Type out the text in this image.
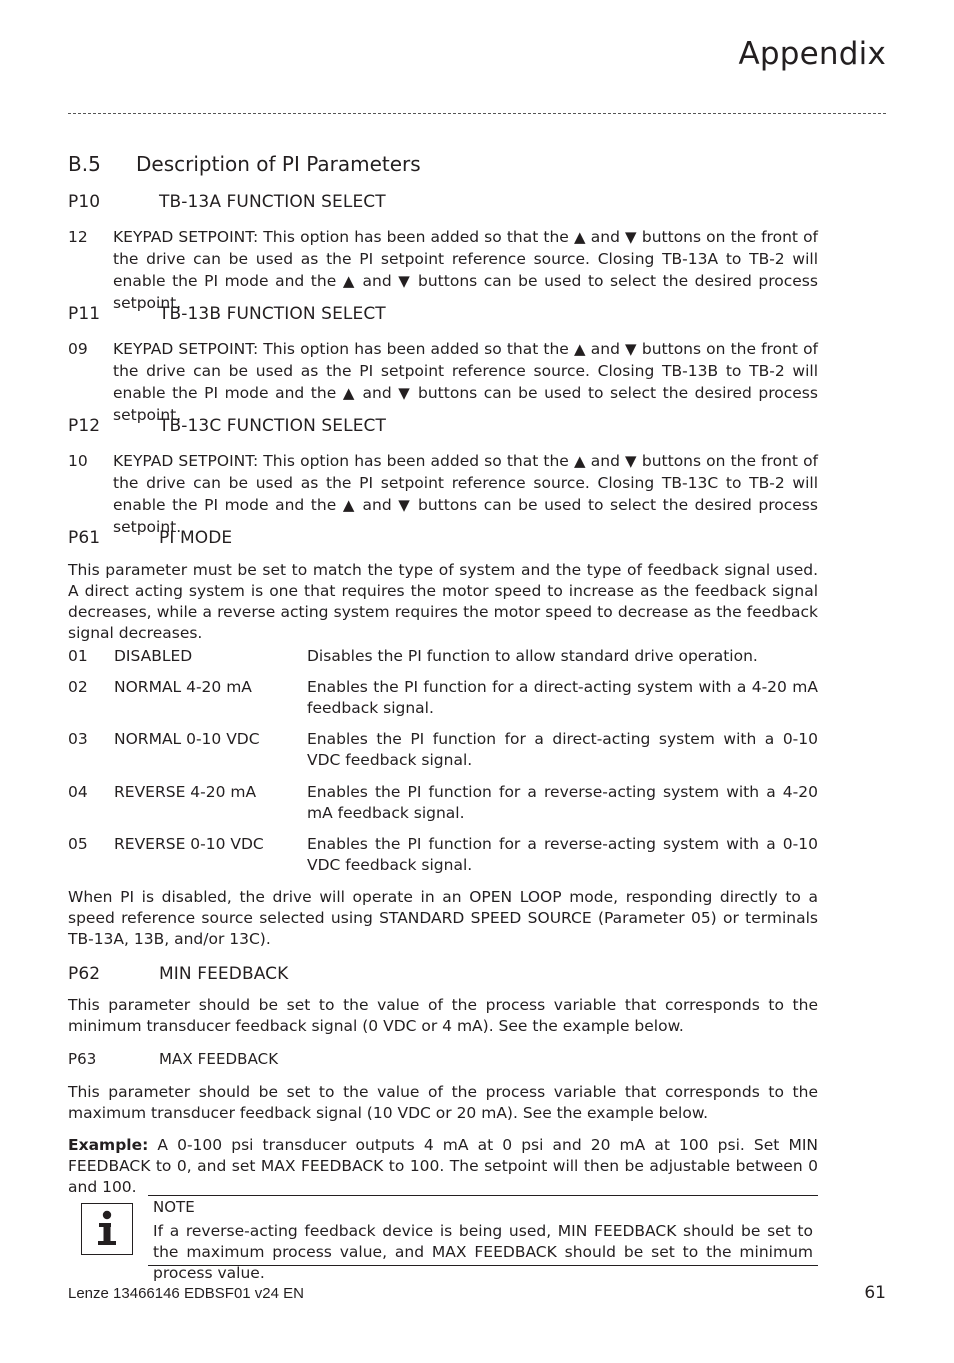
Appendix
B.5 Description of PI Parameters
P10	TB-13A FUNCTION SELECT
12 KEYPAD SETPOINT: This option has been added so that the ▲ and ▼ buttons on the front of the drive can be used as the PI setpoint reference source. Closing TB-13A to TB-2 will enable the PI mode and the ▲ and ▼ buttons can be used to select the desired process setpoint.
P11	TB-13B FUNCTION SELECT
09 KEYPAD SETPOINT: This option has been added so that the ▲ and ▼ buttons on the front of the drive can be used as the PI setpoint reference source. Closing TB-13B to TB-2 will enable the PI mode and the ▲ and ▼ buttons can be used to select the desired process setpoint.
P12	TB-13C FUNCTION SELECT
10 KEYPAD SETPOINT: This option has been added so that the ▲ and ▼ buttons on the front of the drive can be used as the PI setpoint reference source. Closing TB-13C to TB-2 will enable the PI mode and the ▲ and ▼ buttons can be used to select the desired process setpoint.
P61	PI MODE
This parameter must be set to match the type of system and the type of feedback signal used. A direct acting system is one that requires the motor speed to increase as the feedback signal decreases, while a reverse acting system requires the motor speed to decrease as the feedback signal decreases.
01 DISABLED	Disables the PI function to allow standard drive operation.
02 NORMAL 4-20 mA	Enables the PI function for a direct-acting system with a 4-20 mA feedback signal.
03 NORMAL 0-10 VDC	Enables the PI function for a direct-acting system with a 0-10 VDC feedback signal.
04 REVERSE 4-20 mA	Enables the PI function for a reverse-acting system with a 4-20 mA feedback signal.
05 REVERSE 0-10 VDC	Enables the PI function for a reverse-acting system with a 0-10 VDC feedback signal.
When PI is disabled, the drive will operate in an OPEN LOOP mode, responding directly to a speed reference source selected using STANDARD SPEED SOURCE (Parameter 05) or terminals TB-13A, 13B, and/or 13C).
P62	MIN FEEDBACK
This parameter should be set to the value of the process variable that corresponds to the minimum transducer feedback signal (0 VDC or 4 mA). See the example below.
P63	MAX FEEDBACK
This parameter should be set to the value of the process variable that corresponds to the maximum transducer feedback signal (10 VDC or 20 mA). See the example below.
Example: A 0-100 psi transducer outputs 4 mA at 0 psi and 20 mA at 100 psi. Set MIN FEEDBACK to 0, and set MAX FEEDBACK to 100. The setpoint will then be adjustable between 0 and 100.
NOTE
If a reverse-acting feedback device is being used, MIN FEEDBACK should be set to the maximum process value, and MAX FEEDBACK should be set to the minimum process value.
Lenze 13466146 EDBSF01 v24 EN	61
